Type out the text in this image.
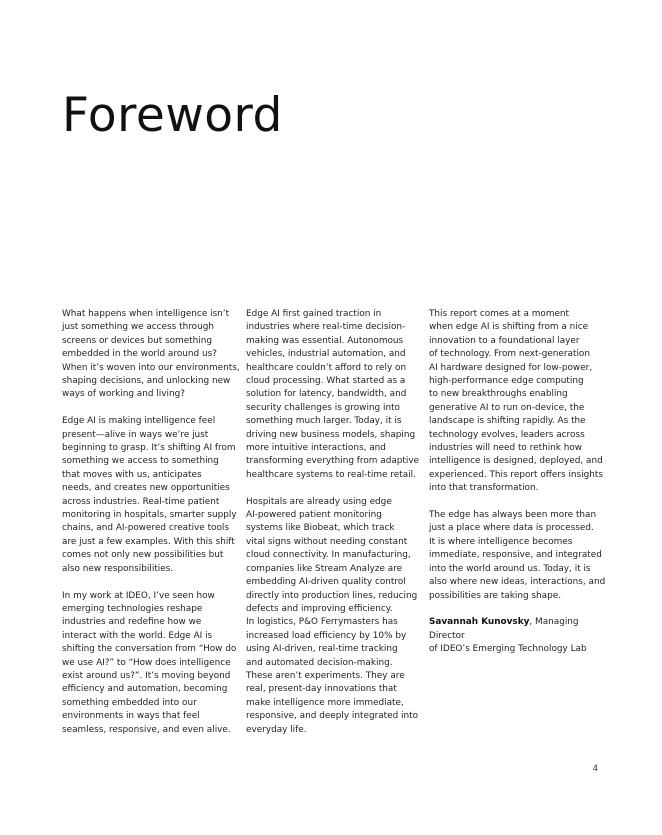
Foreword

What happens when intelligence isn’t
just something we access through
screens or devices but something
embedded in the world around us?
When it’s woven into our environments,
shaping decisions, and unlocking new
ways of working and living?

Edge AI is making intelligence feel
present—alive in ways we’re just
beginning to grasp. It’s shifting AI from
something we access to something
that moves with us, anticipates
needs, and creates new opportunities
across industries. Real-time patient
monitoring in hospitals, smarter supply
chains, and AI-powered creative tools
are just a few examples. With this shift
comes not only new possibilities but
also new responsibilities.

In my work at IDEO, I’ve seen how
emerging technologies reshape
industries and redefine how we
interact with the world. Edge AI is
shifting the conversation from “How do
we use AI?” to “How does intelligence
exist around us?”. It’s moving beyond
efficiency and automation, becoming
something embedded into our
environments in ways that feel
seamless, responsive, and even alive.

Edge AI first gained traction in
industries where real-time decision-
making was essential. Autonomous
vehicles, industrial automation, and
healthcare couldn’t afford to rely on
cloud processing. What started as a
solution for latency, bandwidth, and
security challenges is growing into
something much larger. Today, it is
driving new business models, shaping
more intuitive interactions, and
transforming everything from adaptive
healthcare systems to real-time retail.

Hospitals are already using edge
AI-powered patient monitoring
systems like Biobeat, which track
vital signs without needing constant
cloud connectivity. In manufacturing,
companies like Stream Analyze are
embedding AI-driven quality control
directly into production lines, reducing
defects and improving efficiency.

In logistics, P&O Ferrymasters has
increased load efficiency by 10% by
using AI-driven, real-time tracking
and automated decision-making.
These aren’t experiments. They are
real, present-day innovations that
make intelligence more immediate,
responsive, and deeply integrated into
everyday life.

This report comes at a moment
when edge AI is shifting from a nice
innovation to a foundational layer
of technology. From next-generation
AI hardware designed for low-power,
high-performance edge computing
to new breakthroughs enabling
generative AI to run on-device, the
landscape is shifting rapidly. As the
technology evolves, leaders across
industries will need to rethink how
intelligence is designed, deployed, and
experienced. This report offers insights
into that transformation.

The edge has always been more than
just a place where data is processed.
It is where intelligence becomes
immediate, responsive, and integrated
into the world around us. Today, it is
also where new ideas, interactions, and
possibilities are taking shape.

Savannah Kunovsky, Managing Director
of IDEO’s Emerging Technology Lab

4
